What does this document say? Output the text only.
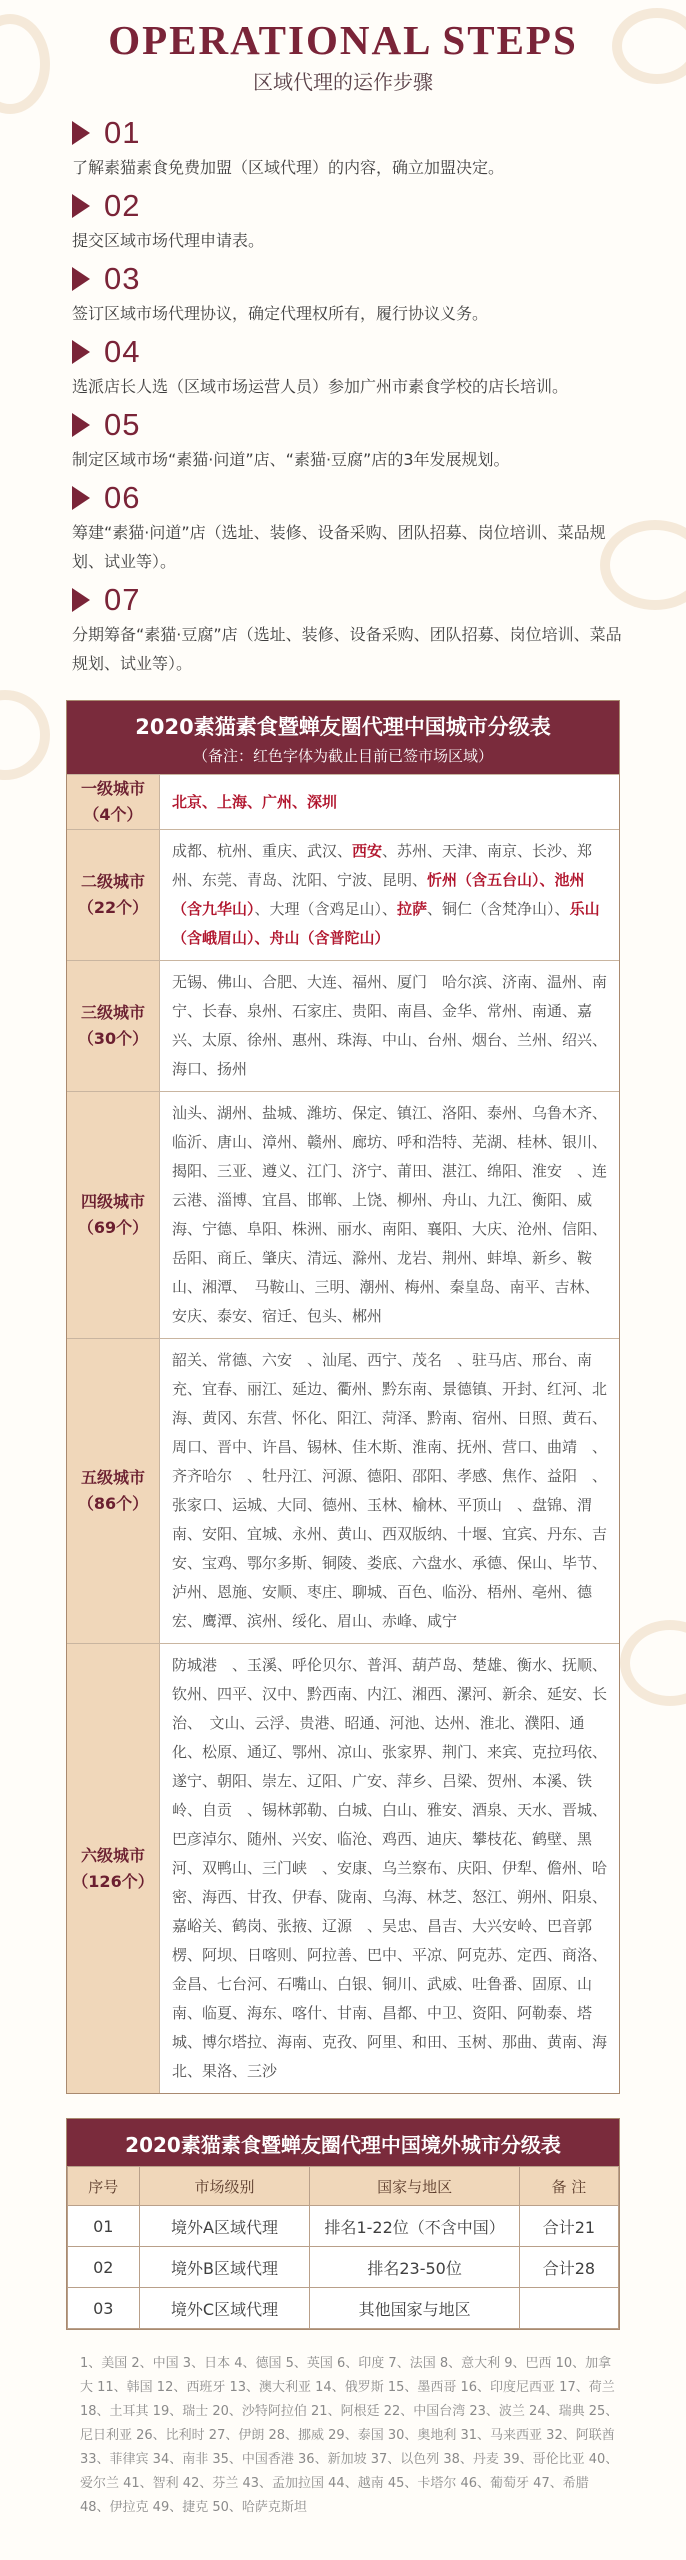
OPERATIONAL STEPS
区域代理的运作步骤
01
了解素猫素食免费加盟（区域代理）的内容，确立加盟决定。
02
提交区域市场代理申请表。
03
签订区域市场代理协议，确定代理权所有，履行协议义务。
04
选派店长人选（区域市场运营人员）参加广州市素食学校的店长培训。
05
制定区域市场“素猫·问道”店、“素猫·豆腐”店的3年发展规划。
06
筹建“素猫·问道”店（选址、装修、设备采购、团队招募、岗位培训、菜品规划、试业等）。
07
分期筹备“素猫·豆腐”店（选址、装修、设备采购、团队招募、岗位培训、菜品规划、试业等）。
2020素猫素食暨蝉友圈代理中国城市分级表
（备注：红色字体为截止目前已签市场区域）
一级城市
（4个）	北京、上海、广州、深圳

二级城市
（22个）	成都、杭州、重庆、武汉、西安、苏州、天津、南京、长沙、郑州、东莞、青岛、沈阳、宁波、昆明、忻州（含五台山）、池州（含九华山）、大理（含鸡足山）、拉萨、铜仁（含梵净山）、乐山（含峨眉山）、舟山（含普陀山）

三级城市
（30个）	无锡、佛山、合肥、大连、福州、厦门　哈尔滨、济南、温州、南宁、长春、泉州、石家庄、贵阳、南昌、金华、常州、南通、嘉兴、太原、徐州、惠州、珠海、中山、台州、烟台、兰州、绍兴、海口、扬州

四级城市
（69个）	汕头、湖州、盐城、潍坊、保定、镇江、洛阳、泰州、乌鲁木齐、临沂、唐山、漳州、赣州、廊坊、呼和浩特、芜湖、桂林、银川、揭阳、三亚、遵义、江门、济宁、莆田、湛江、绵阳、淮安　、连云港、淄博、宜昌、邯郸、上饶、柳州、舟山、九江、衡阳、威海、宁德、阜阳、株洲、丽水、南阳、襄阳、大庆、沧州、信阳、岳阳、商丘、肇庆、清远、滁州、龙岩、荆州、蚌埠、新乡、鞍山、湘潭、　马鞍山、三明、潮州、梅州、秦皇岛、南平、吉林、安庆、泰安、宿迁、包头、郴州

五级城市
（86个）	韶关、常德、六安　、汕尾、西宁、茂名　、驻马店、邢台、南充、宜春、丽江、延边、衢州、黔东南、景德镇、开封、红河、北海、黄冈、东营、怀化、阳江、菏泽、黔南、宿州、日照、黄石、周口、晋中、许昌、锡林、佳木斯、淮南、抚州、营口、曲靖　、齐齐哈尔　、牡丹江、河源、德阳、邵阳、孝感、焦作、益阳　、张家口、运城、大同、德州、玉林、榆林、平顶山　、盘锦、渭南、安阳、宜城、永州、黄山、西双版纳、十堰、宜宾、丹东、吉安、宝鸡、鄂尔多斯、铜陵、娄底、六盘水、承德、保山、毕节、泸州、恩施、安顺、枣庄、聊城、百色、临汾、梧州、亳州、德宏、鹰潭、滨州、绥化、眉山、赤峰、咸宁

六级城市
（126个）	防城港　、玉溪、呼伦贝尔、普洱、葫芦岛、楚雄、衡水、抚顺、钦州、四平、汉中、黔西南、内江、湘西、漯河、新余、延安、长治、　文山、云浮、贵港、昭通、河池、达州、淮北、濮阳、通化、松原、通辽、鄂州、凉山、张家界、荆门、来宾、克拉玛依、遂宁、朝阳、崇左、辽阳、广安、萍乡、吕梁、贺州、本溪、铁岭、自贡　、锡林郭勒、白城、白山、雅安、酒泉、天水、晋城、巴彦淖尔、随州、兴安、临沧、鸡西、迪庆、攀枝花、鹤壁、黑河、双鸭山、三门峡　、安康、乌兰察布、庆阳、伊犁、儋州、哈密、海西、甘孜、伊春、陇南、乌海、林芝、怒江、朔州、阳泉、嘉峪关、鹤岗、张掖、辽源　、吴忠、昌吉、大兴安岭、巴音郭楞、阿坝、日喀则、阿拉善、巴中、平凉、阿克苏、定西、商洛、金昌、七台河、石嘴山、白银、铜川、武威、吐鲁番、固原、山南、临夏、海东、喀什、甘南、昌都、中卫、资阳、阿勒泰、塔城、博尔塔拉、海南、克孜、阿里、和田、玉树、那曲、黄南、海北、果洛、三沙
2020素猫素食暨蝉友圈代理中国境外城市分级表
序号	市场级别	国家与地区	备 注
01	境外A区域代理	排名1-22位（不含中国）	合计21
02	境外B区域代理	排名23-50位	合计28
03	境外C区域代理	其他国家与地区	
1、美国 2、中国 3、日本 4、德国 5、英国 6、印度 7、法国 8、意大利 9、巴西 10、加拿大 11、韩国 12、西班牙 13、澳大利亚 14、俄罗斯 15、墨西哥 16、印度尼西亚 17、荷兰 18、土耳其 19、瑞士 20、沙特阿拉伯 21、阿根廷 22、中国台湾 23、波兰 24、瑞典 25、尼日利亚 26、比利时 27、伊朗 28、挪威 29、泰国 30、奥地利 31、马来西亚 32、阿联酋 33、菲律宾 34、南非 35、中国香港 36、新加坡 37、以色列 38、丹麦 39、哥伦比亚 40、爱尔兰 41、智利 42、芬兰 43、孟加拉国 44、越南 45、卡塔尔 46、葡萄牙 47、希腊 48、伊拉克 49、捷克 50、哈萨克斯坦
